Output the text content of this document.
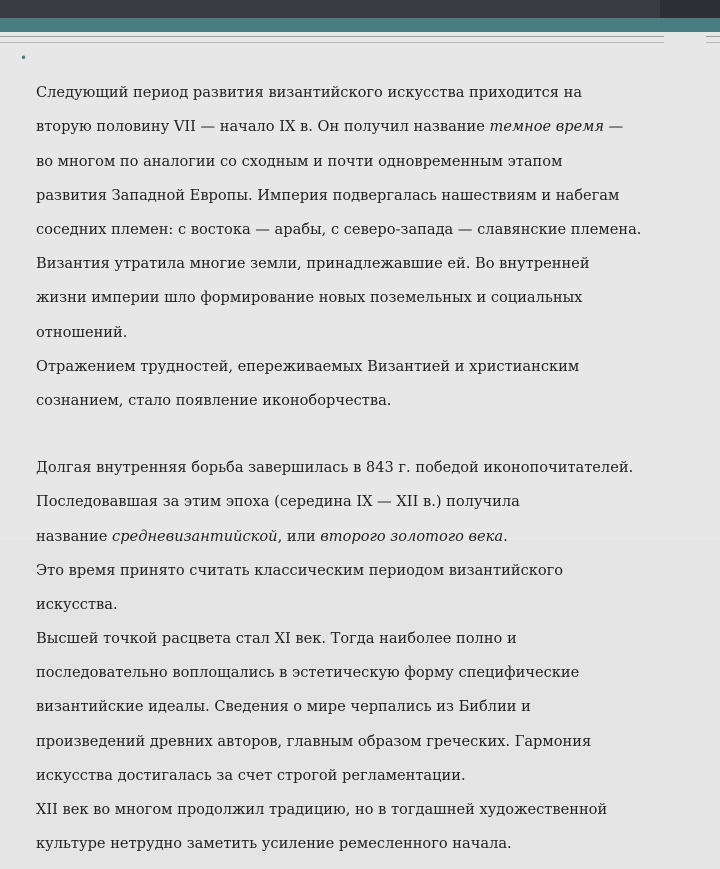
•

Следующий период развития византийского искусства приходится на

вторую половину VII — начало IX в. Он получил название темное время —

во многом по аналогии со сходным и почти одновременным этапом

развития Западной Европы. Империя подвергалась нашествиям и набегам

соседних племен: с востока — арабы, с северо-запада — славянские племена.

Византия утратила многие земли, принадлежавшие ей. Во внутренней

жизни империи шло формирование новых поземельных и социальных

отношений.

Отражением трудностей, епереживаемых Византией и христианским

сознанием, стало появление иконоборчества.

Долгая внутренняя борьба завершилась в 843 г. победой иконопочитателей.

Последовавшая за этим эпоха (середина IX — XII в.) получила

название средневизантийской, или второго золотого века.

Это время принято считать классическим периодом византийского

искусства.

Высшей точкой расцвета стал XI век. Тогда наиболее полно и

последовательно воплощались в эстетическую форму специфические

византийские идеалы. Сведения о мире черпались из Библии и

произведений древних авторов, главным образом греческих. Гармония

искусства достигалась за счет строгой регламентации.

XII век во многом продолжил традицию, но в тогдашней художественной

культуре нетрудно заметить усиление ремесленного начала.
